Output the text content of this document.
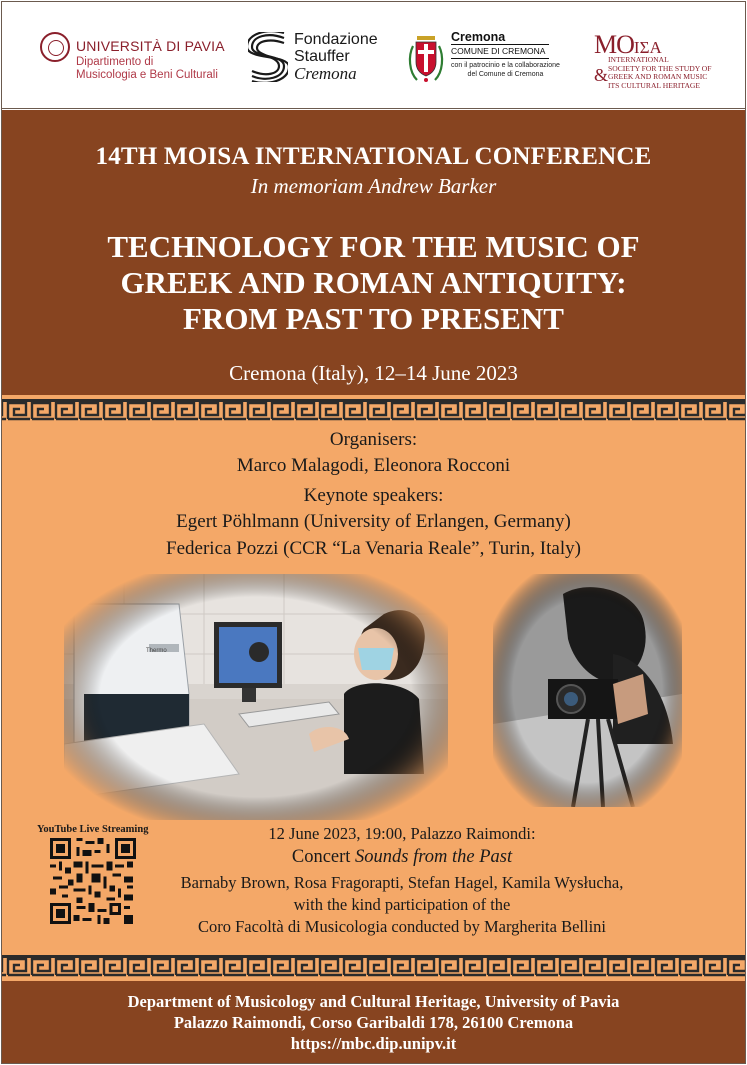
UNIVERSITÀ DI PAVIA
Dipartimento di
Musicologia e Beni Culturali
Fondazione
Stauffer
Cremona
Cremona
COMUNE DI CREMONA
con il patrocinio e la collaborazione
del Comune di Cremona
MOIΣA
&
INTERNATIONAL
SOCIETY FOR THE STUDY OF
GREEK AND ROMAN MUSIC
ITS CULTURAL HERITAGE
14TH MOISA INTERNATIONAL CONFERENCE
In memoriam Andrew Barker
TECHNOLOGY FOR THE MUSIC OF
GREEK AND ROMAN ANTIQUITY:
FROM PAST TO PRESENT
Cremona (Italy), 12–14 June 2023
Organisers:
Marco Malagodi, Eleonora Rocconi
Keynote speakers:
Egert Pöhlmann (University of Erlangen, Germany)
Federica Pozzi (CCR “La Venaria Reale”, Turin, Italy)
Thermo
YouTube Live Streaming	12 June 2023, 19:00, Palazzo Raimondi:
Concert Sounds from the Past
Barnaby Brown, Rosa Fragorapti, Stefan Hagel, Kamila Wysłucha,
with the kind participation of the
Coro Facoltà di Musicologia conducted by Margherita Bellini
Department of Musicology and Cultural Heritage, University of Pavia
Palazzo Raimondi, Corso Garibaldi 178, 26100 Cremona
https://mbc.dip.unipv.it
